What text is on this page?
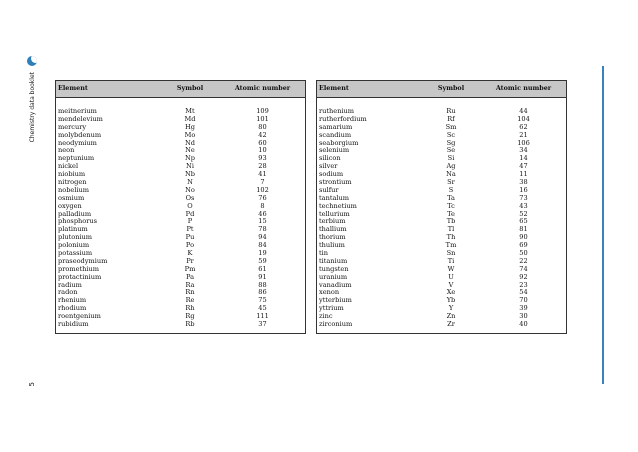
Chemistry data booklet
5
Element	Symbol	Atomic number
meitnerium	Mt	109
mendelevium	Md	101
mercury	Hg	80
molybdenum	Mo	42
neodymium	Nd	60
neon	Ne	10
neptunium	Np	93
nickel	Ni	28
niobium	Nb	41
nitrogen	N	7
nobelium	No	102
osmium	Os	76
oxygen	O	8
palladium	Pd	46
phosphorus	P	15
platinum	Pt	78
plutonium	Pu	94
polonium	Po	84
potassium	K	19
praseodymium	Pr	59
promethium	Pm	61
protactinium	Pa	91
radium	Ra	88
radon	Rn	86
rhenium	Re	75
rhodium	Rh	45
roentgenium	Rg	111
rubidium	Rb	37
Element	Symbol	Atomic number
ruthenium	Ru	44
rutherfordium	Rf	104
samarium	Sm	62
scandium	Sc	21
seaborgium	Sg	106
selenium	Se	34
silicon	Si	14
silver	Ag	47
sodium	Na	11
strontium	Sr	38
sulfur	S	16
tantalum	Ta	73
technetium	Tc	43
tellurium	Te	52
terbium	Tb	65
thallium	Tl	81
thorium	Th	90
thulium	Tm	69
tin	Sn	50
titanium	Ti	22
tungsten	W	74
uranium	U	92
vanadium	V	23
xenon	Xe	54
ytterbium	Yb	70
yttrium	Y	39
zinc	Zn	30
zirconium	Zr	40
